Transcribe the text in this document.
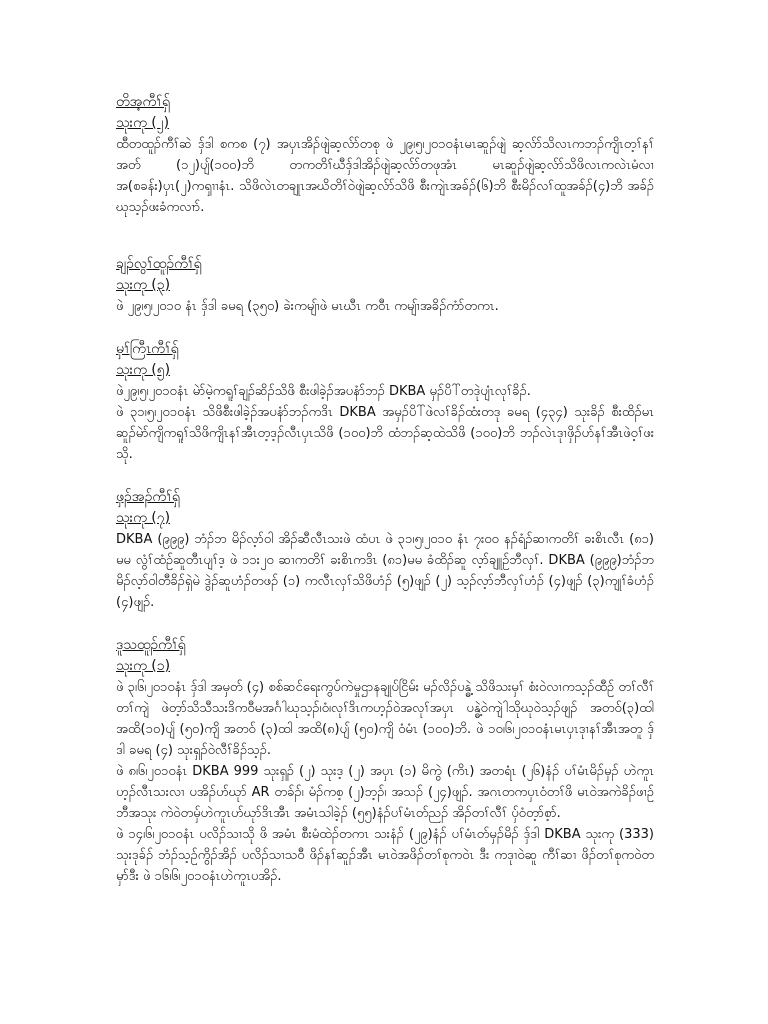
တိအ့ကီၢ်ရှ်
သုးကု (၂)

ထီတထူၣ်ကီၢ်ဆဲ ဒှ်ဒါ စကစ (၇) အပှၤအိၣ်ဖျဲဆ့လ်ာ်တစု ဖဲ ၂၉၊၅၊၂၀၁၀နံၤမၤဆူၣ်ဖျဲ ဆ့လ်ာ်သိလၤကဘၣ်ကျိၤတ့ၢ်နၢ်အတ် (၁၂)ပျ်(၁၀၀)ဘိ တကတိၢ်ဃီဒှ်ဒါအိၣ်ဖျဲဆ့လ်ာ်တဖုအံၤ မၤဆူၣ်ဖျဲဆ့လ်ာ်သိဖိလၤကလဲၤမံလၢအ(စခန်း)ပှၤ(၂)ကၡၢၢနံၤ. သိဖိလဲၤတချုၤအဃိတိၢ်ဝဲဖျဲဆ့လ်ာ်သိဖိ စီးကျဲၤအခ်ၣ်(၆)ဘိ စီးမိၣ်လၢ်ထူအခ်ၣ်(၄)ဘိ အခ်ၣ်ဃုသ့ၣ်ဖးခံကလၢာ်.

ချၣ်လွၢ်ထူၣ်ကီၢ်ရှ်
သုးကု (၃)

ဖဲ ၂၉၊၅၊၂၀၁၀ နံၤ ဒှ်ဒါ ခမရ (၃၅၀) ခဲးကမျ်ၢဖဲ မၤဃီၤ ကဝီၤ ကမျ်ၢအခိၣ်ကံာ်တကၤ.

မှၢ်ကြီၤကီၢ်ရှ်
သုးကု (၅)

ဖဲ၂၉၊၅၊၂၀၁၀နံၤ မဲာ်မဲ့ကရူၢ်ချၣ်ဆိၣ်သိဖိ စီးဖါခဲ့ၣ်အပနံာ်ဘၣ် DKBA မှၣ်ပိါ်တဒုဲပျံၤလုၢ်ခိၣ်.

ဖဲ ၃၁၊၅၊၂၀၁၀နံၤ သိဖိစီးဖါခဲ့ၣ်အပနံာ်ဘၣ်ကဒိၤ DKBA အမှၣ်ပိါ်ဖဲလၢ်ခိၣ်ထံးတဒု ခမရ (၄၃၄) သုးခိၣ် စီးထိၣ်မၤဆူၣ်မဲာ်ကျိကရူၢ်သိဖိကျိၤနၢ်အီၤတ့ဒ့ၣ်လီၤပှၤသိဖိ (၁၀၀)ဘိ ထံဘၣ်ဆ့ထဲသိဖိ (၁၀၀)ဘိ ဘၣ်လဲၤဒုၢဖှိၣ်ဟ်နၢ်အီၤဖဲဝ့ၢ်ဖးသို.

ဖှၣ်အၣ်ကီၢ်ရှ်
သုးကု (၇)

DKBA (၉၉၉) ဘံၣ်ဘ မိၣ်လ့ာ်ဝါ အိၣ်ဆီလီၤသးဖဲ ထံပၤ ဖဲ ၃၁၊၅၊၂၀၁၀ နံၤ ၇း၀၀ နၣ်ရံၣ်ဆၢကတိၢ် ခးစိၤလီၤ (၈၁) မမ လွံၢ်ထံဉ်ဆူတီၤပျၢ်ဒ့ ဖဲ ၁၁း၂၀ ဆၢကတိၢ် ခးစိၤကဒိၤ (၈၁)မမ ခံထိၣ်ဆူ လ့ာ်ချူဉ်ဘီလှၢ်. DKBA (၉၉၉)ဘံၣ်ဘမိၣ်လ့ာ်ဝါတီခိၣ်ရှဲမဲ ဒွဲၣ်ဆူဟံၣ်တဖၣ် (၁) ကလီၤလှၢ်သိဖိဟံၣ် (၅)ဖျၣ် (၂) သ့ၣ်လ့ာ်ဘီလှၢ်ဟံၣ် (၄)ဖျၣ် (၃)ကျုၢ်ခံဟံၣ် (၄)ဖျၣ်.

ဒူသထူၣ်ကီၢ်ရှ်
သုးကု (၁)

ဖဲ ၃၊၆၊၂၀၁၀နံၤ ဒှ်ဒါ အမှတ် (၄) စစ်ဆင်ရေးကွပ်ကဲမှုဌာနချုပ်ငြိမ်း မၣ်လိၣ်ပန္ဓဲ့ သိဖိသးမှၢ် စံးဝဲလၢကသ့ၣ်ထီဉ် တၢ်လီၢ်တၢ်ကျဲ ဖဲတ့ာ်သိသီသးဒိကဝီမအင်္ဂါဃုသ့ၣ်၊ဝံ၊လုၢ်ဒိၤကဟ့ၣ်ဝဲအလုၢ်အပှၤ ပန္ဓဲ့ဝဲကျဲါသိုဃုဝဲသ့ၣ်ဖျၣ် အတဝ်(၃)ထါ အထိ(၁၀)ပျ် (၅၀)ကျိ အတဝ် (၃)ထါ အထိ(၈)ပျ် (၅၀)ကျိ ဝံမံၤ (၁၀၀)ဘိ. ဖဲ ၁၀၊၆၊၂၀၁၀နံၤမၤပှၤဒုၢနၢ်အီၤအတူ ဒှ်ဒါ ခမရ (၄) သုးရှၣ်ဝဲလီၢ်ခိၣ်သ့ၣ်.

ဖဲ ၈၊၆၊၂၀၁၀နံၤ DKBA 999 သုးရှၣ် (၂) သုးဒ့ (၂) အပှၤ (၁) မိကွဲ (ကိၤ) အတရံၤ (၂၆)နံၣ် ပၢ်မံၤမိၣ်မှၣ် ဟဲကူၤဟ့ၣ်လီၤသးလၢ ပအိၣ်ဟ်ဃုာ် AR တခ်ၣ်၊ မံၣ်ကစ့ (၂)ဘ့ၣ်၊ အသၣ် (၂၄)ဖျၣ်. အဂၤတကပှၤဝံတၢ်ဖိ မၤဝဲအကဲခိၣ်ဖၢဉ်ဘီအသုး ကဲဝဲတမှ်ဟဲကူၤဟ်ဃုာ်ဒိၤအီၤ အမံၤသါခဲ့ၣ် (၅၅)နံၣ်ပၢ်မံၤတ်ညၣ် အိၣ်တၢ်လီၢ် ပှ်ဝံတ့ာ်စ့ာ်.

ဖဲ ၁၄၊၆၊၂၀၁၀နံၤ ပလိၣ်သၢသို ဖိ အမံၤ စီးမံထဲၣ်တကၤ သးနံၣ် (၂၉)နံၣ် ပၢ်မံၤတ်မှၣ်မိၣ် ဒှ်ဒါ DKBA သုးကု (333) သုးဒုခ်ၣ် ဘံၣ်သ့ဉ်ကွိၣ်အိၣ် ပလိၣ်သၢသဝီ ဖိၣ်နၢ်ဆူၣ်အီၤ မၤဝဲအဖိၣ်တၢ်စုကဝဲၤ ဒီး ကဒုၢဝဲဆူ ကီၢ်ဆၢ ဖိၣ်တၢ်စုကဝဲတမှာ်ဒီး ဖဲ ၁၆၊၆၊၂၀၁၀နံၤဟဲကူၤပအိၣ်.
